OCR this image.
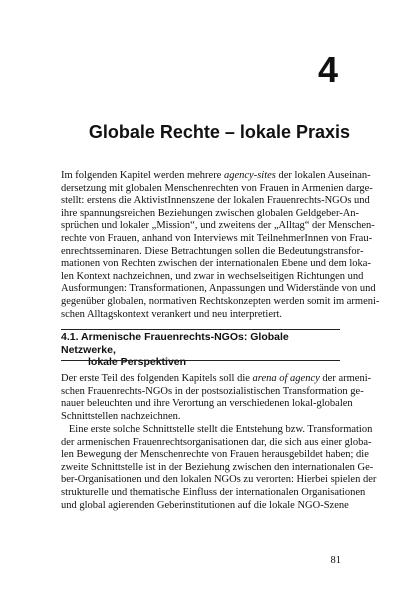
4
Globale Rechte – lokale Praxis
Im folgenden Kapitel werden mehrere agency-sites der lokalen Auseinan-
dersetzung mit globalen Menschenrechten von Frauen in Armenien darge-
stellt: erstens die AktivistInnenszene der lokalen Frauenrechts-NGOs und
ihre spannungsreichen Beziehungen zwischen globalen Geldgeber-An-
sprüchen und lokaler „Mission“, und zweitens der „Alltag“ der Menschen-
rechte von Frauen, anhand von Interviews mit TeilnehmerInnen von Frau-
enrechtsseminaren. Diese Betrachtungen sollen die Bedeutungstransfor-
mationen von Rechten zwischen der internationalen Ebene und dem loka-
len Kontext nachzeichnen, und zwar in wechselseitigen Richtungen und
Ausformungen: Transformationen, Anpassungen und Widerstände von und
gegenüber globalen, normativen Rechtskonzepten werden somit im armeni-
schen Alltagskontext verankert und neu interpretiert.
4.1. Armenische Frauenrechts-NGOs: Globale Netzwerke,
lokale Perspektiven
Der erste Teil des folgenden Kapitels soll die arena of agency der armeni-
schen Frauenrechts-NGOs in der postsozialistischen Transformation ge-
nauer beleuchten und ihre Verortung an verschiedenen lokal-globalen
Schnittstellen nachzeichnen.
Eine erste solche Schnittstelle stellt die Entstehung bzw. Transformation
der armenischen Frauenrechtsorganisationen dar, die sich aus einer globa-
len Bewegung der Menschenrechte von Frauen herausgebildet haben; die
zweite Schnittstelle ist in der Beziehung zwischen den internationalen Ge-
ber-Organisationen und den lokalen NGOs zu verorten: Hierbei spielen der
strukturelle und thematische Einfluss der internationalen Organisationen
und global agierenden Geberinstitutionen auf die lokale NGO-Szene

81
